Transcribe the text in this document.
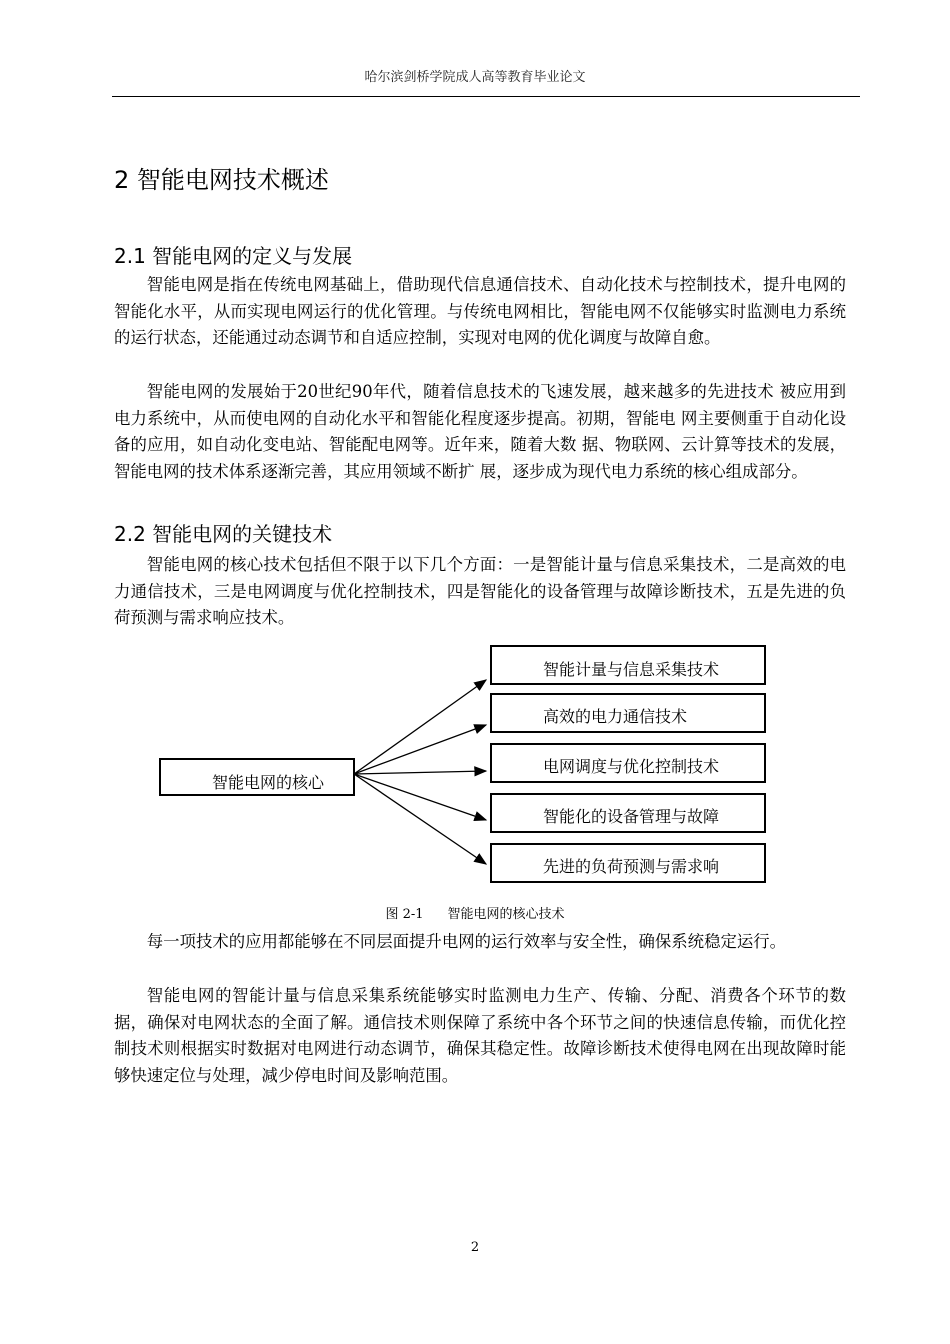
哈尔滨剑桥学院成人高等教育毕业论文
2 智能电网技术概述
2.1 智能电网的定义与发展

智能电网是指在传统电网基础上，借助现代信息通信技术、自动化技术与控制技术，提升电网的智能化水平，从而实现电网运行的优化管理。与传统电网相比，智能电网不仅能够实时监测电力系统的运行状态，还能通过动态调节和自适应控制，实现对电网的优化调度与故障自愈。

智能电网的发展始于20世纪90年代，随着信息技术的飞速发展，越来越多的先进技术 被应用到电力系统中，从而使电网的自动化水平和智能化程度逐步提高。初期，智能电 网主要侧重于自动化设备的应用，如自动化变电站、智能配电网等。近年来，随着大数 据、物联网、云计算等技术的发展，智能电网的技术体系逐渐完善，其应用领域不断扩 展，逐步成为现代电力系统的核心组成部分。

2.2 智能电网的关键技术

智能电网的核心技术包括但不限于以下几个方面：一是智能计量与信息采集技术，二是高效的电力通信技术，三是电网调度与优化控制技术，四是智能化的设备管理与故障诊断技术，五是先进的负荷预测与需求响应技术。

智能电网的核心
智能计量与信息采集技术
高效的电力通信技术
电网调度与优化控制技术
智能化的设备管理与故障
先进的负荷预测与需求响
图 2-1 智能电网的核心技术

每一项技术的应用都能够在不同层面提升电网的运行效率与安全性，确保系统稳定运行。

智能电网的智能计量与信息采集系统能够实时监测电力生产、传输、分配、消费各个环节的数据，确保对电网状态的全面了解。通信技术则保障了系统中各个环节之间的快速信息传输，而优化控制技术则根据实时数据对电网进行动态调节，确保其稳定性。故障诊断技术使得电网在出现故障时能够快速定位与处理，减少停电时间及影响范围。

2
